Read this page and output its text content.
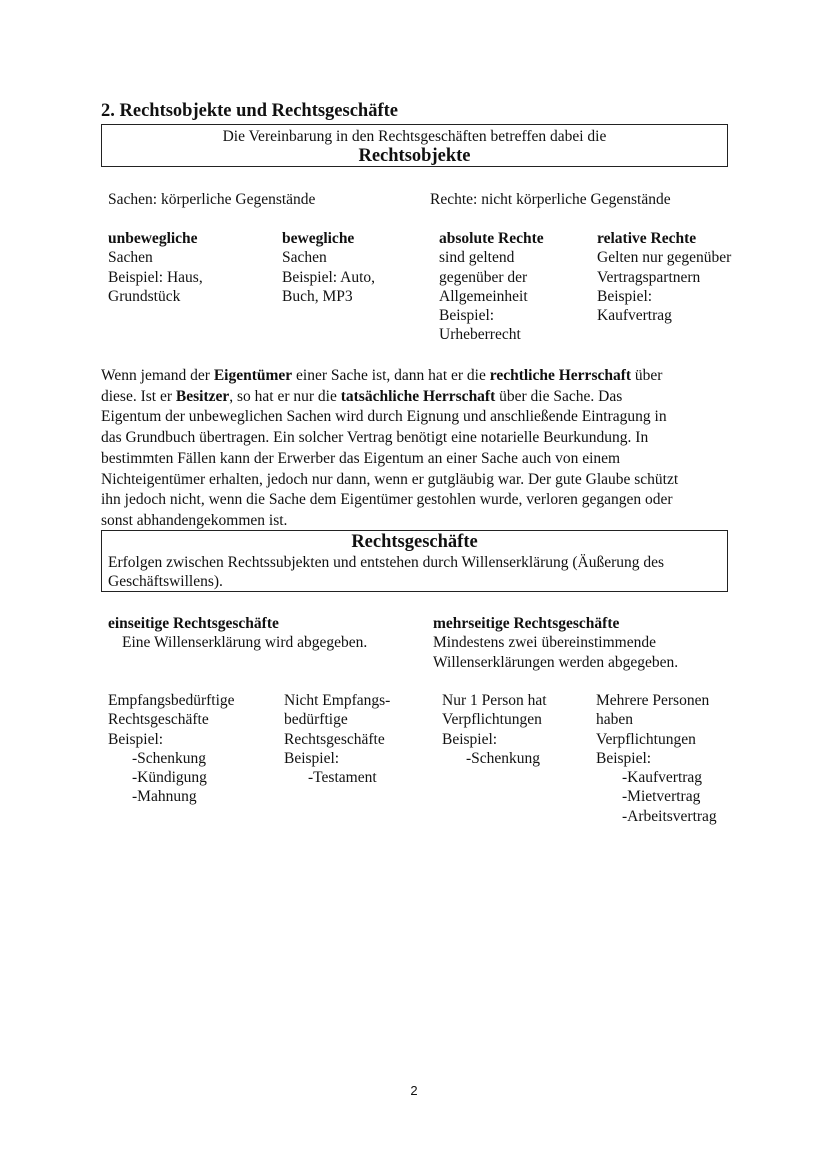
2. Rechtsobjekte und Rechtsgeschäfte
Die Vereinbarung in den Rechtsgeschäften betreffen dabei die
Rechtsobjekte
Sachen: körperliche Gegenstände	Rechte: nicht körperliche Gegenstände
unbewegliche
Sachen
Beispiel: Haus,
Grundstück
bewegliche
Sachen
Beispiel: Auto,
Buch, MP3
absolute Rechte
sind geltend
gegenüber der
Allgemeinheit
Beispiel:
Urheberrecht
relative Rechte
Gelten nur gegenüber
Vertragspartnern
Beispiel:
Kaufvertrag
Wenn jemand der Eigentümer einer Sache ist, dann hat er die rechtliche Herrschaft über
diese. Ist er Besitzer, so hat er nur die tatsächliche Herrschaft über die Sache. Das
Eigentum der unbeweglichen Sachen wird durch Eignung und anschließende Eintragung in
das Grundbuch übertragen. Ein solcher Vertrag benötigt eine notarielle Beurkundung. In
bestimmten Fällen kann der Erwerber das Eigentum an einer Sache auch von einem
Nichteigentümer erhalten, jedoch nur dann, wenn er gutgläubig war. Der gute Glaube schützt
ihn jedoch nicht, wenn die Sache dem Eigentümer gestohlen wurde, verloren gegangen oder
sonst abhandengekommen ist.
Rechtsgeschäfte
Erfolgen zwischen Rechtssubjekten und entstehen durch Willenserklärung (Äußerung des
Geschäftswillens).
einseitige Rechtsgeschäfte
Eine Willenserklärung wird abgegeben.
mehrseitige Rechtsgeschäfte
Mindestens zwei übereinstimmende
Willenserklärungen werden abgegeben.
Empfangsbedürftige
Rechtsgeschäfte
Beispiel:
-Schenkung
-Kündigung
-Mahnung
Nicht Empfangs-
bedürftige
Rechtsgeschäfte
Beispiel:
-Testament
Nur 1 Person hat
Verpflichtungen
Beispiel:
-Schenkung
Mehrere Personen
haben
Verpflichtungen
Beispiel:
-Kaufvertrag
-Mietvertrag
-Arbeitsvertrag
2
